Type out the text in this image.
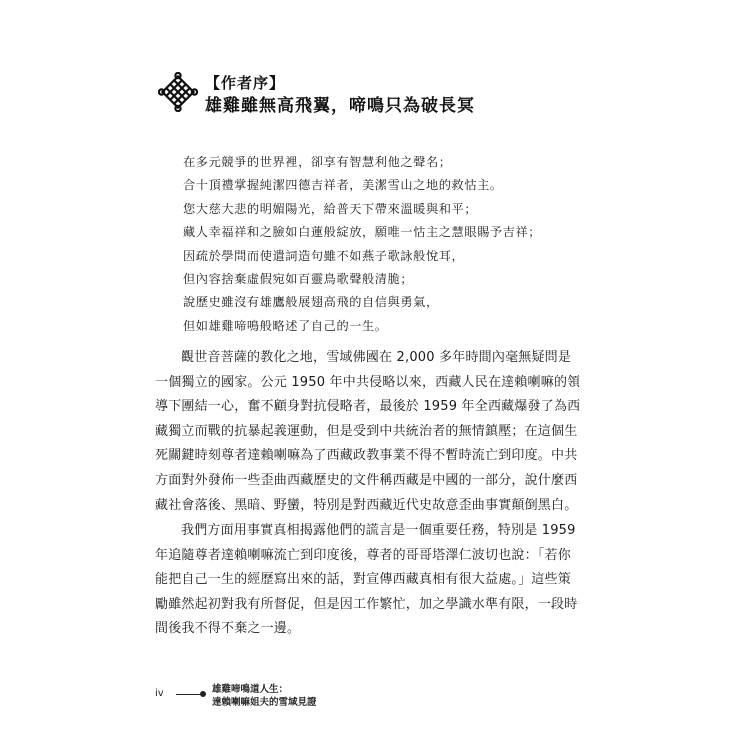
【作者序】
雄雞雖無高飛翼，啼鳴只為破長冥
在多元競爭的世界裡，卻享有智慧利他之聲名；
合十頂禮掌握純潔四德吉祥者，美潔雪山之地的救怙主。
您大慈大悲的明媚陽光，給普天下帶來溫暖與和平；
藏人幸福祥和之臉如白蓮般綻放，願唯一怙主之慧眼賜予吉祥；
因疏於學問而使遣詞造句雖不如燕子歌詠般悅耳，
但內容捨棄虛假宛如百靈鳥歌聲般清脆；
說歷史雖沒有雄鷹般展翅高飛的自信與勇氣，
但如雄雞啼鳴般略述了自己的一生。
觀世音菩薩的教化之地，雪域佛國在 2,000 多年時間內毫無疑問是
一個獨立的國家。公元 1950 年中共侵略以來，西藏人民在達賴喇嘛的領
導下團結一心，奮不顧身對抗侵略者，最後於 1959 年全西藏爆發了為西
藏獨立而戰的抗暴起義運動，但是受到中共統治者的無情鎮壓；在這個生
死關鍵時刻尊者達賴喇嘛為了西藏政教事業不得不暫時流亡到印度。中共
方面對外發佈一些歪曲西藏歷史的文件稱西藏是中國的一部分，說什麼西
藏社會落後、黑暗、野蠻，特別是對西藏近代史故意歪曲事實顛倒黑白。
我們方面用事實真相揭露他們的謊言是一個重要任務，特別是 1959
年追隨尊者達賴喇嘛流亡到印度後，尊者的哥哥塔澤仁波切也說：「若你
能把自己一生的經歷寫出來的話，對宣傳西藏真相有很大益處。」這些策
勵雖然起初對我有所督促，但是因工作繁忙，加之學識水準有限，一段時
間後我不得不棄之一邊。
iv	雄雞啼鳴道人生：
達賴喇嘛姐夫的雪域見證
